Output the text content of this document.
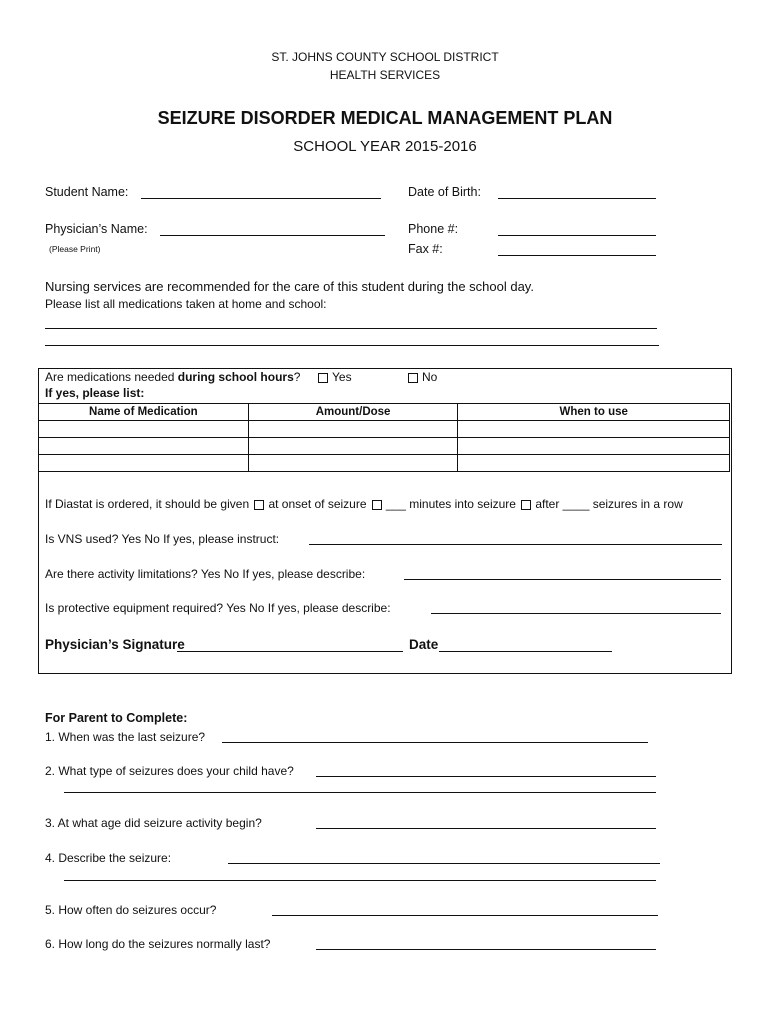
ST. JOHNS COUNTY SCHOOL DISTRICT
HEALTH SERVICES
SEIZURE DISORDER MEDICAL MANAGEMENT PLAN
SCHOOL YEAR 2015-2016
Student Name:	Date of Birth:
Physician’s Name:
(Please Print)
Phone #:
Fax #:
Nursing services are recommended for the care of this student during the school day.
Please list all medications taken at home and school:
Are medications needed during school hours?	Yes	No
If yes, please list:
Name of Medication	Amount/Dose	When to use

If Diastat is ordered, it should be given at onset of seizure ___ minutes into seizure after ____ seizures in a row
Is VNS used? Yes No If yes, please instruct:
Are there activity limitations? Yes No If yes, please describe:
Is protective equipment required? Yes No If yes, please describe:
Physician’s Signature	Date
For Parent to Complete:
1. When was the last seizure?
2. What type of seizures does your child have?
3. At what age did seizure activity begin?
4. Describe the seizure:
5. How often do seizures occur?
6. How long do the seizures normally last?
